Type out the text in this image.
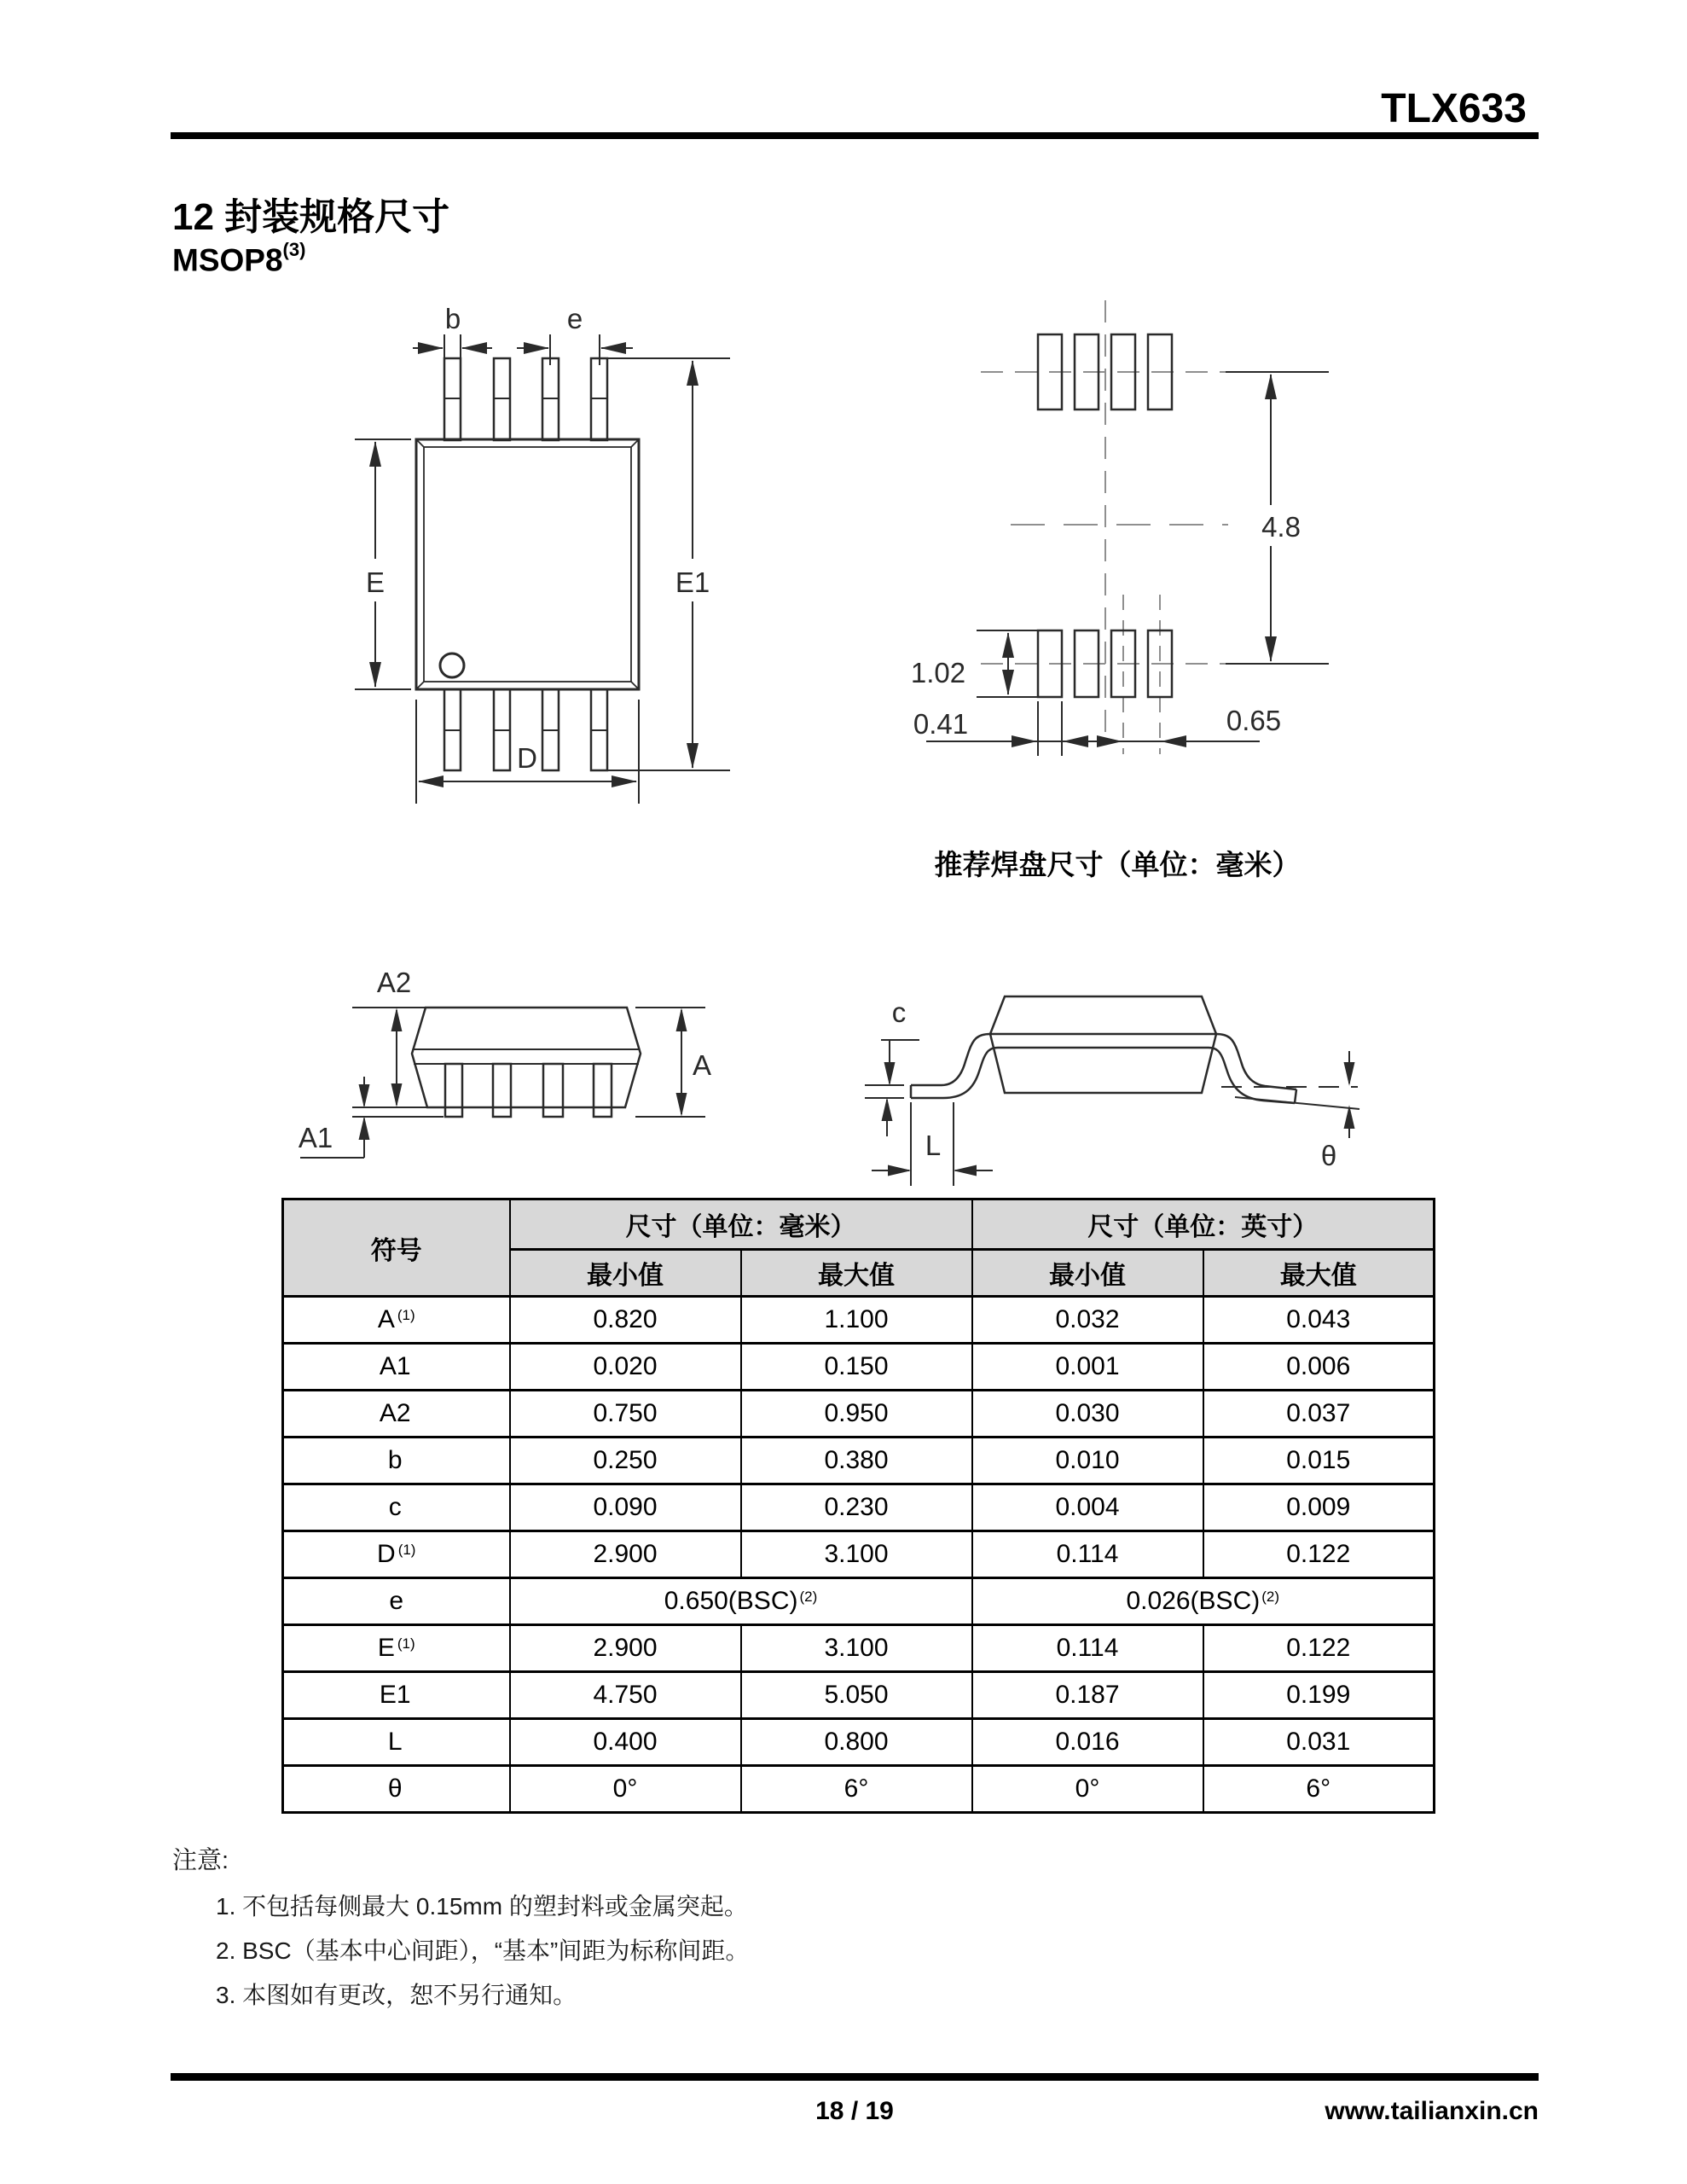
TLX633
12 封装规格尺寸
MSOP8$^{(3)}$
b	e
E	E1
D
4.8
1.02
0.41	0.65
推荐焊盘尺寸（单位：毫米）
A2
A1
A
c
L	θ
符号	尺寸（单位：毫米）		尺寸（单位：英寸）	
	最小值	最大值	最小值	最大值
A $^{(1)}$	0.820	1.100	0.032	0.043
A1	0.020	0.150	0.001	0.006
A2	0.750	0.950	0.030	0.037
b	0.250	0.380	0.010	0.015
c	0.090	0.230	0.004	0.009
D $^{(1)}$	2.900	3.100	0.114	0.122
e	0.650(BSC) $^{(2)}$		0.026(BSC) $^{(2)}$
E $^{(1)}$	2.900	3.100	0.114	0.122
E1	4.750	5.050	0.187	0.199
L	0.400	0.800	0.016	0.031
θ	0°	6°	0°	6°
注意:
1. 不包括每侧最大 0.15mm 的塑封料或金属突起。
2. BSC（基本中心间距），“基本”间距为标称间距。
3. 本图如有更改，恕不另行通知。
18 / 19	www.tailianxin.cn
